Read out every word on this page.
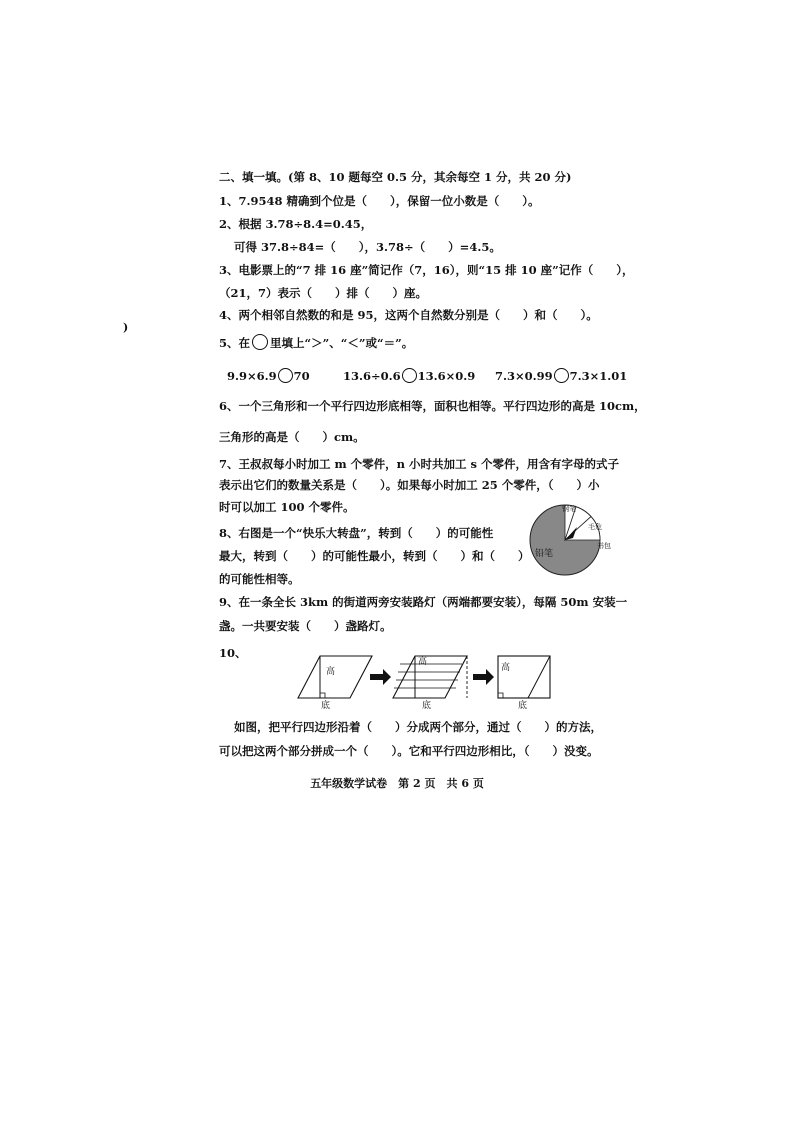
二、填一填。(第 8、10 题每空 0.5 分，其余每空 1 分，共 20 分)
1、7.9548 精确到个位是（　　），保留一位小数是（　　）。
2、根据 3.78÷8.4=0.45，
可得 37.8÷84=（　　），3.78÷（　　）=4.5。
3、电影票上的“7 排 16 座”简记作（7，16），则“15 排 10 座”记作（　　），
（21，7）表示（　　）排（　　）座。
4、两个相邻自然数的和是 95，这两个自然数分别是（　　）和（　　）。
)
5、在 里填上“＞”、“＜”或“＝”。
9.9×6.9 70	13.6÷0.6 13.6×0.9 7.3×0.99 7.3×1.01
6、一个三角形和一个平行四边形底相等，面积也相等。平行四边形的高是 10cm，
三角形的高是（　　）cm。
7、王叔叔每小时加工 m 个零件，n 小时共加工 s 个零件，用含有字母的式子
表示出它们的数量关系是（　　）。如果每小时加工 25 个零件，（　　）小
时可以加工 100 个零件。
8、右图是一个“快乐大转盘”，转到（　　）的可能性
最大，转到（　　）的可能性最小，转到（　　）和（　　）
的可能性相等。
钢笔
毛危
书包
铅笔
9、在一条全长 3km 的街道两旁安装路灯（两端都要安装），每隔 50m 安装一
盏。一共要安装（　　）盏路灯。
10、
高
底
高
底
高
底
如图，把平行四边形沿着（　　）分成两个部分，通过（　　）的方法，
可以把这两个部分拼成一个（　　）。它和平行四边形相比，（　　）没变。
五年级数学试卷　第 2 页　共 6 页
